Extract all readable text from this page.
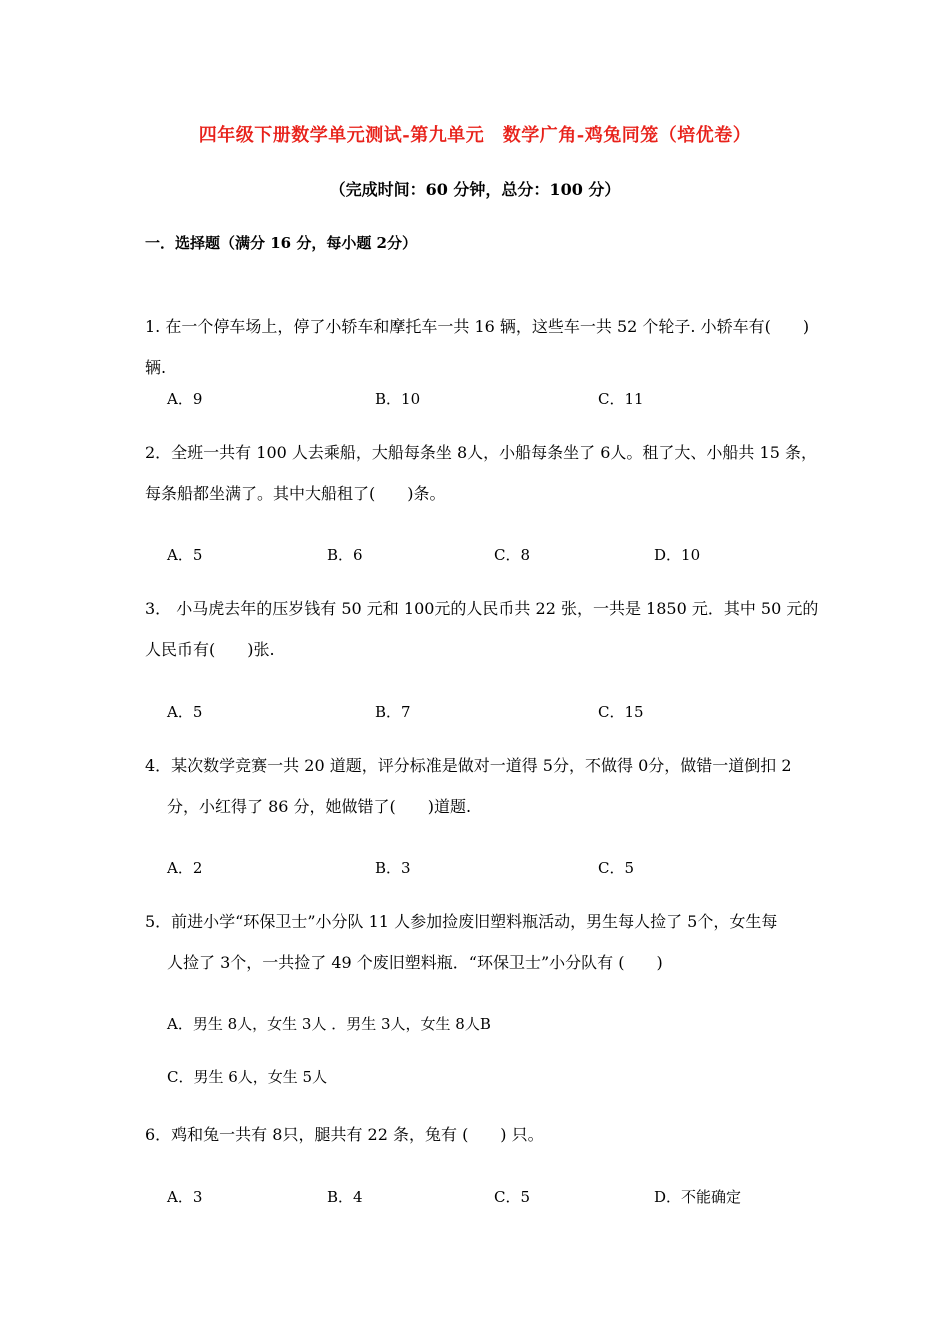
四年级下册数学单元测试-第九单元　数学广角-鸡兔同笼（培优卷）
（完成时间：60 分钟，总分：100 分）
一．选择题（满分 16 分，每小题 2分）
1. 在一个停车场上，停了小轿车和摩托车一共 16 辆，这些车一共 52 个轮子. 小轿车有(　　)
辆.
A．9	B．10	C．11
2．全班一共有 100 人去乘船，大船每条坐 8人，小船每条坐了 6人。租了大、小船共 15 条，
每条船都坐满了。其中大船租了(　　)条。
A．5	B．6	C．8	D．10
3． 小马虎去年的压岁钱有 50 元和 100元的人民币共 22 张，一共是 1850 元．其中 50 元的
人民币有(　　)张.
A．5	B．7	C．15
4．某次数学竞赛一共 20 道题，评分标准是做对一道得 5分，不做得 0分，做错一道倒扣 2
分，小红得了 86 分，她做错了(　　)道题.
A．2	B．3	C．5
5．前进小学“环保卫士”小分队 11 人参加捡废旧塑料瓶活动，男生每人捡了 5个，女生每
人捡了 3个，一共捡了 49 个废旧塑料瓶．“环保卫士”小分队有 (　　)
A．男生 8人，女生 3人 ．男生 3人，女生 8人B
C．男生 6人，女生 5人
6．鸡和兔一共有 8只，腿共有 22 条，兔有 (　　) 只。
A．3	B．4	C．5	D．不能确定
